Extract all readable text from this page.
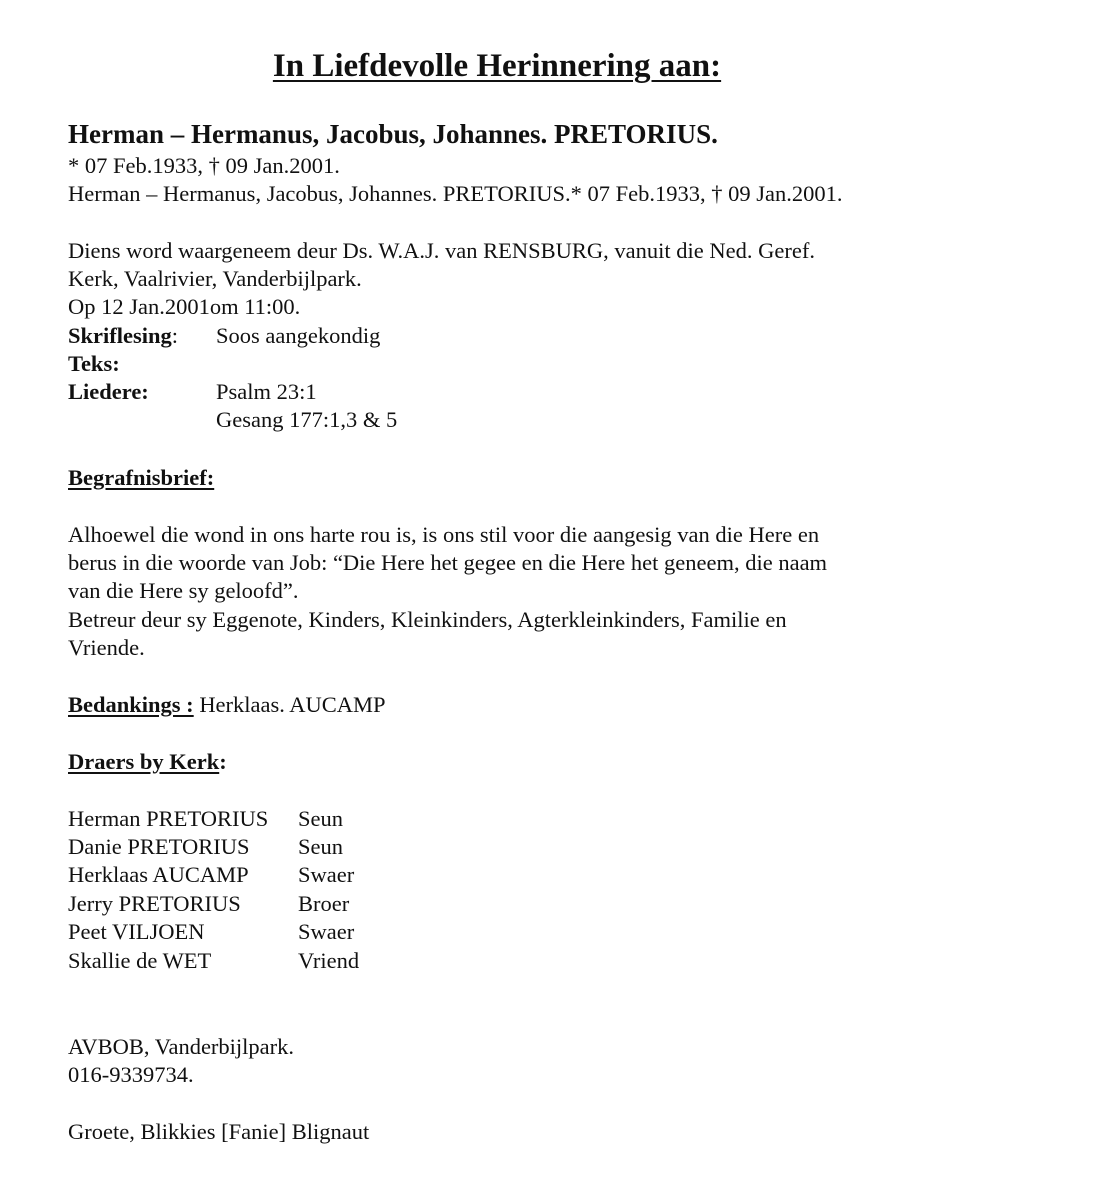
In Liefdevolle Herinnering aan:
Herman – Hermanus, Jacobus, Johannes. PRETORIUS.
* 07 Feb.1933, † 09 Jan.2001.
Herman – Hermanus, Jacobus, Johannes. PRETORIUS.* 07 Feb.1933, † 09 Jan.2001.
Diens word waargeneem deur Ds. W.A.J. van RENSBURG, vanuit die Ned. Geref.
Kerk, Vaalrivier, Vanderbijlpark.
Op 12 Jan.2001om 11:00.
Skriflesing: Soos aangekondig
Teks:
Liedere:	Psalm 23:1
Gesang 177:1,3 & 5
Begrafnisbrief:
Alhoewel die wond in ons harte rou is, is ons stil voor die aangesig van die Here en
berus in die woorde van Job: “Die Here het gegee en die Here het geneem, die naam
van die Here sy geloofd”.
Betreur deur sy Eggenote, Kinders, Kleinkinders, Agterkleinkinders, Familie en
Vriende.
Bedankings : Herklaas. AUCAMP
Draers by Kerk:
Herman PRETORIUS Seun
Danie PRETORIUS Seun
Herklaas AUCAMP Swaer
Jerry PRETORIUS	Broer
Peet VILJOEN	Swaer
Skallie de WET	Vriend
AVBOB, Vanderbijlpark.
016-9339734.
Groete, Blikkies [Fanie] Blignaut
